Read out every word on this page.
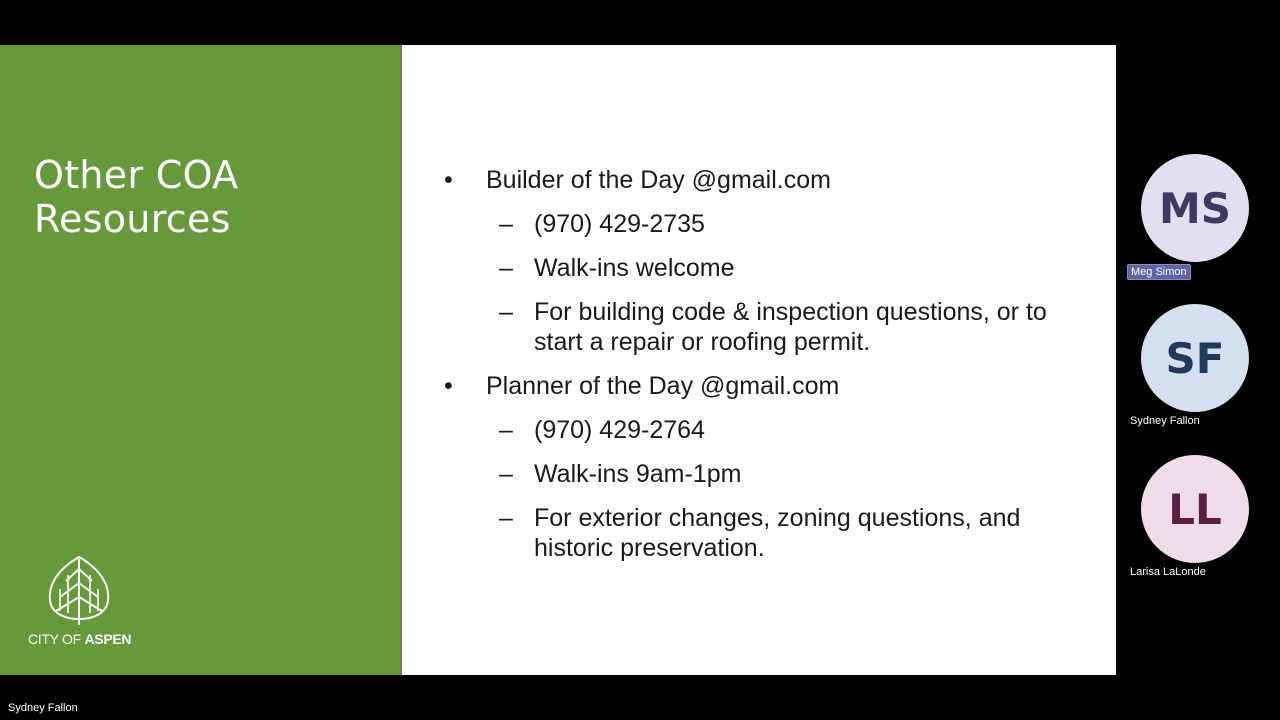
Other COA
Resources
CITY OF ASPEN
• Builder of the Day @gmail.com
– (970) 429-2735
– Walk-ins welcome
– For building code & inspection questions, or to start a repair or roofing permit.
• Planner of the Day @gmail.com
– (970) 429-2764
– Walk-ins 9am-1pm
– For exterior changes, zoning questions, and historic preservation.
MS
Meg Simon
SF
Sydney Fallon
LL
Larisa LaLonde
Sydney Fallon
